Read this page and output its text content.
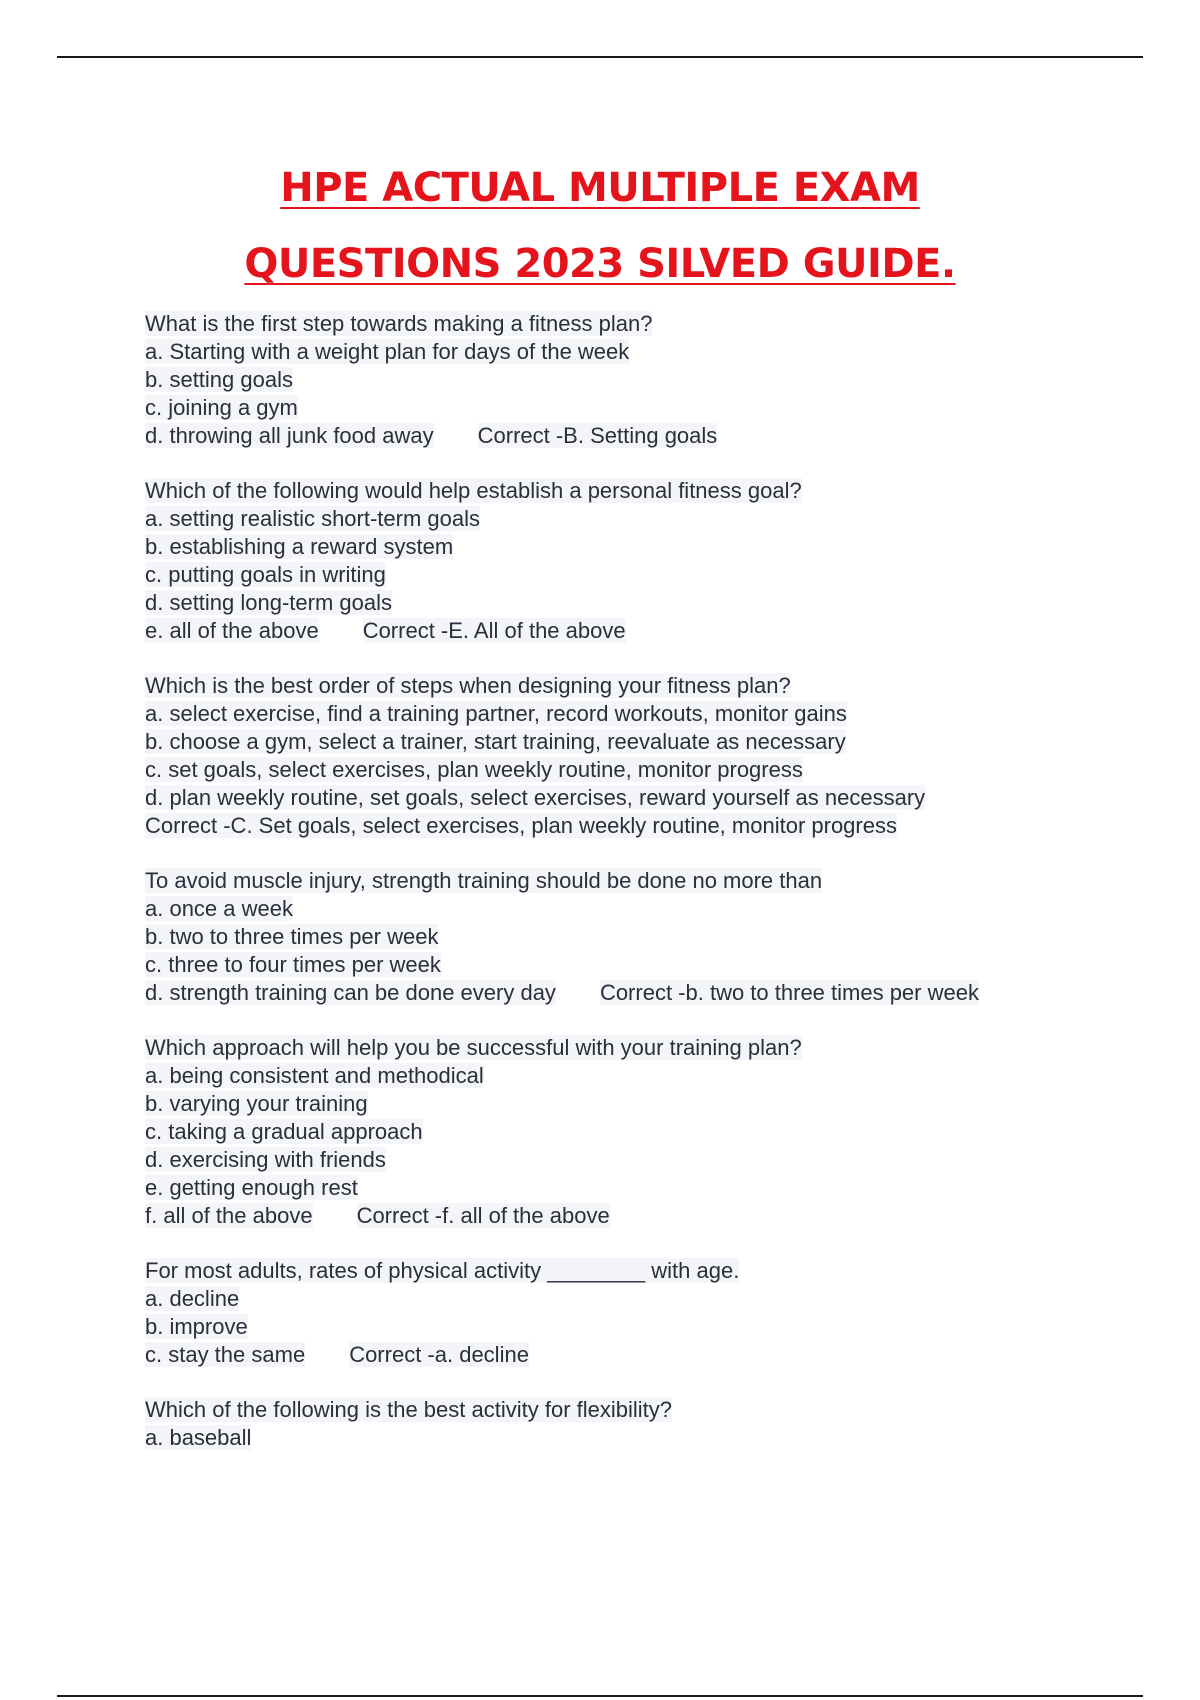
HPE ACTUAL MULTIPLE EXAM
QUESTIONS 2023 SILVED GUIDE.
What is the first step towards making a fitness plan?
a. Starting with a weight plan for days of the week
b. setting goals
c. joining a gym
d. throwing all junk food away Correct -B. Setting goals
Which of the following would help establish a personal fitness goal?
a. setting realistic short-term goals
b. establishing a reward system
c. putting goals in writing
d. setting long-term goals
e. all of the above Correct -E. All of the above
Which is the best order of steps when designing your fitness plan?
a. select exercise, find a training partner, record workouts, monitor gains
b. choose a gym, select a trainer, start training, reevaluate as necessary
c. set goals, select exercises, plan weekly routine, monitor progress
d. plan weekly routine, set goals, select exercises, reward yourself as necessary
Correct -C. Set goals, select exercises, plan weekly routine, monitor progress
To avoid muscle injury, strength training should be done no more than
a. once a week
b. two to three times per week
c. three to four times per week
d. strength training can be done every day Correct -b. two to three times per week
Which approach will help you be successful with your training plan?
a. being consistent and methodical
b. varying your training
c. taking a gradual approach
d. exercising with friends
e. getting enough rest
f. all of the above Correct -f. all of the above
For most adults, rates of physical activity ________ with age.
a. decline
b. improve
c. stay the same Correct -a. decline
Which of the following is the best activity for flexibility?
a. baseball
